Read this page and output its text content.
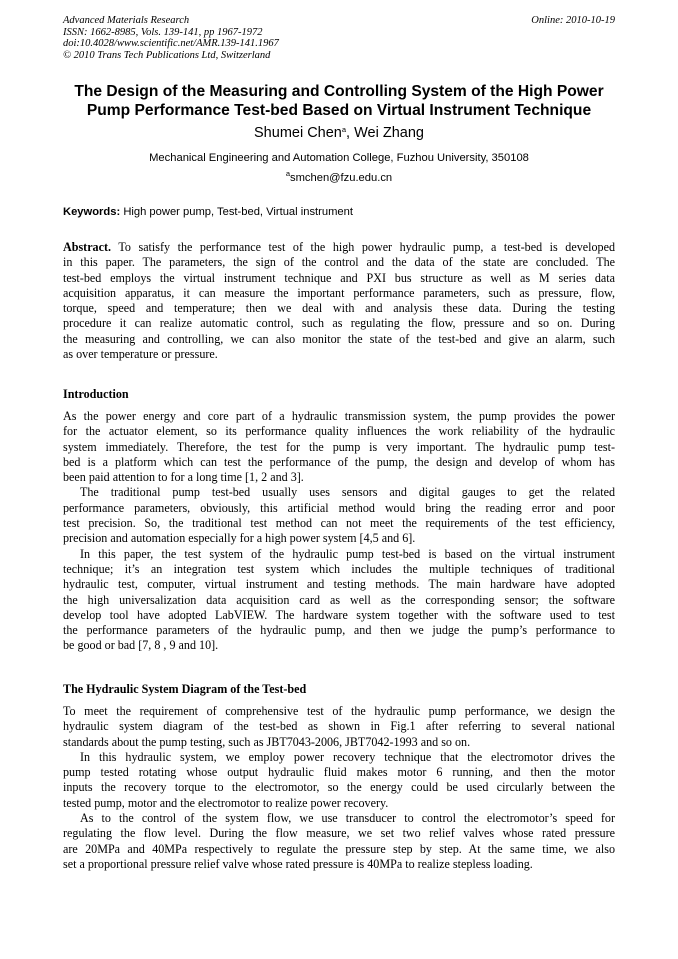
Advanced Materials Research
ISSN: 1662-8985, Vols. 139-141, pp 1967-1972
doi:10.4028/www.scientific.net/AMR.139-141.1967
© 2010 Trans Tech Publications Ltd, Switzerland
Online: 2010-10-19
The Design of the Measuring and Controlling System of the High Power
Pump Performance Test-bed Based on Virtual Instrument Technique
Shumei Chen$^a$, Wei Zhang
Mechanical Engineering and Automation College, Fuzhou University, 350108
$^a$smchen@fzu.edu.cn
Keywords: High power pump, Test-bed, Virtual instrument
Abstract. To satisfy the performance test of the high power hydraulic pump, a test-bed is developed
in this paper. The parameters, the sign of the control and the data of the state are concluded. The
test-bed employs the virtual instrument technique and PXI bus structure as well as M series data
acquisition apparatus, it can measure the important performance parameters, such as pressure, flow,
torque, speed and temperature; then we deal with and analysis these data. During the testing
procedure it can realize automatic control, such as regulating the flow, pressure and so on. During
the measuring and controlling, we can also monitor the state of the test-bed and give an alarm, such
as over temperature or pressure.
Introduction
As the power energy and core part of a hydraulic transmission system, the pump provides the power
for the actuator element, so its performance quality influences the work reliability of the hydraulic
system immediately. Therefore, the test for the pump is very important. The hydraulic pump test-
bed is a platform which can test the performance of the pump, the design and develop of whom has
been paid attention to for a long time [1, 2 and 3].
The traditional pump test-bed usually uses sensors and digital gauges to get the related
performance parameters, obviously, this artificial method would bring the reading error and poor
test precision. So, the traditional test method can not meet the requirements of the test efficiency,
precision and automation especially for a high power system [4,5 and 6].
In this paper, the test system of the hydraulic pump test-bed is based on the virtual instrument
technique; it’s an integration test system which includes the multiple techniques of traditional
hydraulic test, computer, virtual instrument and testing methods. The main hardware have adopted
the high universalization data acquisition card as well as the corresponding sensor; the software
develop tool have adopted LabVIEW. The hardware system together with the software used to test
the performance parameters of the hydraulic pump, and then we judge the pump’s performance to
be good or bad [7, 8 , 9 and 10].
The Hydraulic System Diagram of the Test-bed
To meet the requirement of comprehensive test of the hydraulic pump performance, we design the
hydraulic system diagram of the test-bed as shown in Fig.1 after referring to several national
standards about the pump testing, such as JBT7043-2006, JBT7042-1993 and so on.
In this hydraulic system, we employ power recovery technique that the electromotor drives the
pump tested rotating whose output hydraulic fluid makes motor 6 running, and then the motor
inputs the recovery torque to the electromotor, so the energy could be used circularly between the
tested pump, motor and the electromotor to realize power recovery.
As to the control of the system flow, we use transducer to control the electromotor’s speed for
regulating the flow level. During the flow measure, we set two relief valves whose rated pressure
are 20MPa and 40MPa respectively to regulate the pressure step by step. At the same time, we also
set a proportional pressure relief valve whose rated pressure is 40MPa to realize stepless loading.
